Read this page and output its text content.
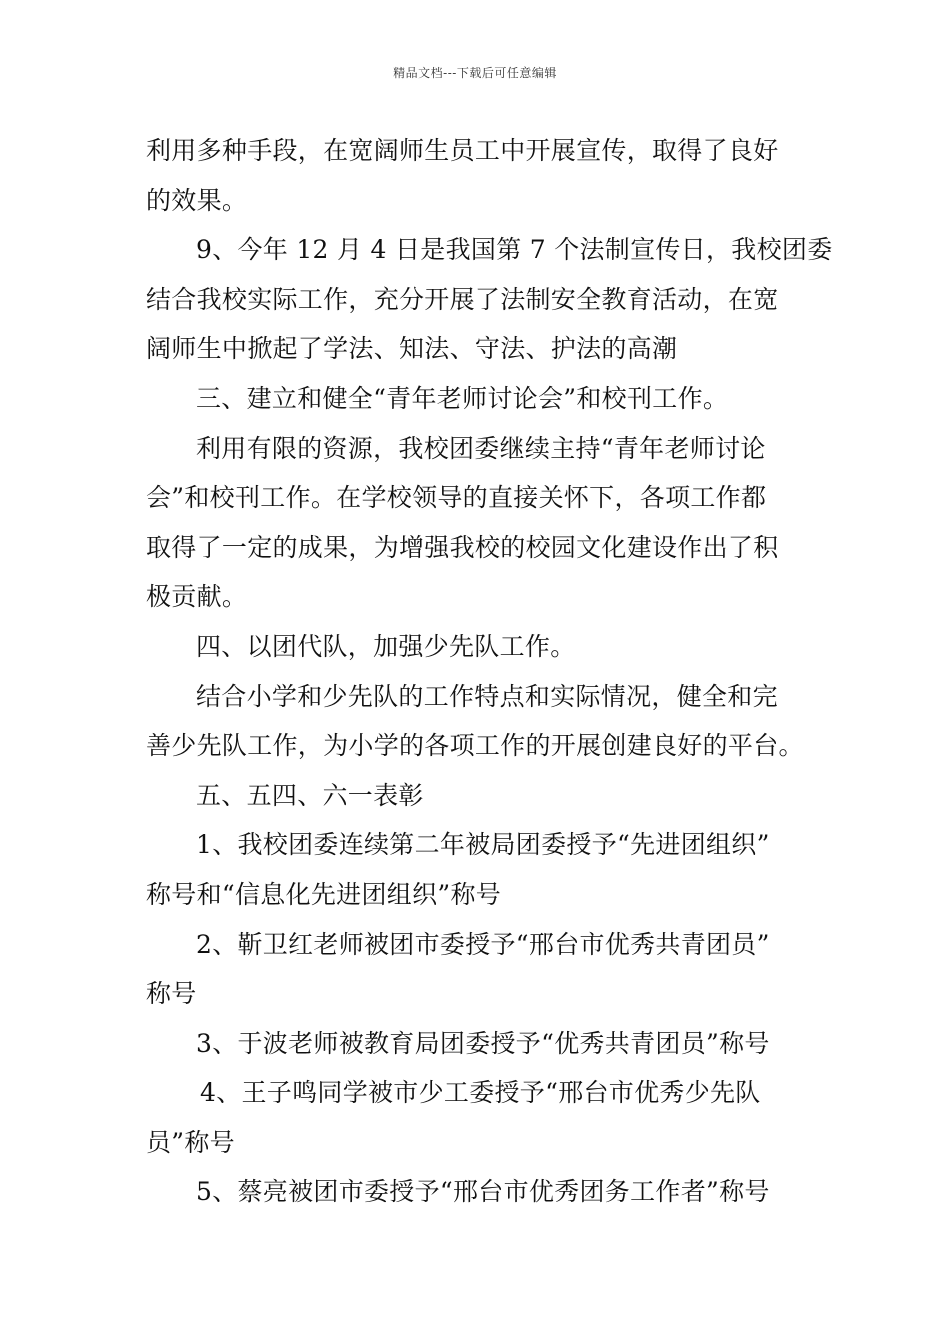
精品文档---下载后可任意编辑

利用多种手段，在宽阔师生员工中开展宣传，取得了良好

的效果。

9、今年 12 月 4 日是我国第 7 个法制宣传日，我校团委

结合我校实际工作，充分开展了法制安全教育活动，在宽

阔师生中掀起了学法、知法、守法、护法的高潮

三、建立和健全“青年老师讨论会”和校刊工作。

利用有限的资源，我校团委继续主持“青年老师讨论

会”和校刊工作。在学校领导的直接关怀下，各项工作都

取得了一定的成果，为增强我校的校园文化建设作出了积

极贡献。

四、以团代队，加强少先队工作。

结合小学和少先队的工作特点和实际情况，健全和完

善少先队工作，为小学的各项工作的开展创建良好的平台。

五、五四、六一表彰

1、我校团委连续第二年被局团委授予“先进团组织”

称号和“信息化先进团组织”称号

2、靳卫红老师被团市委授予“邢台市优秀共青团员”

称号

3、于波老师被教育局团委授予“优秀共青团员”称号

4、王子鸣同学被市少工委授予“邢台市优秀少先队

员”称号

5、蔡亮被团市委授予“邢台市优秀团务工作者”称号
